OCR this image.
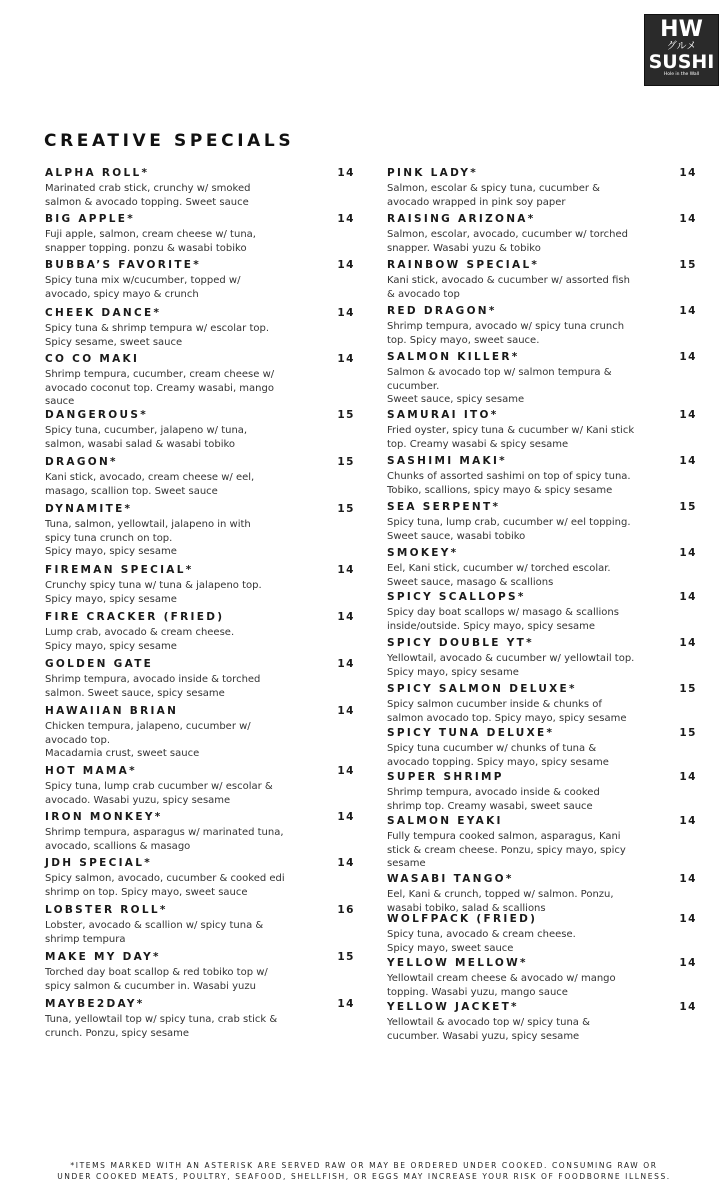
HW
グルメ
SUSHI
Hole in the Wall
CREATIVE SPECIALS
ALPHA ROLL*	14
Marinated crab stick, crunchy w/ smoked
salmon & avocado topping. Sweet sauce
BIG APPLE*	14
Fuji apple, salmon, cream cheese w/ tuna,
snapper topping. ponzu & wasabi tobiko
BUBBA’S FAVORITE*	14
Spicy tuna mix w/cucumber, topped w/
avocado, spicy mayo & crunch
CHEEK DANCE*	14
Spicy tuna & shrimp tempura w/ escolar top.
Spicy sesame, sweet sauce
CO CO MAKI	14
Shrimp tempura, cucumber, cream cheese w/
avocado coconut top. Creamy wasabi, mango
sauce
DANGEROUS*	15
Spicy tuna, cucumber, jalapeno w/ tuna,
salmon, wasabi salad & wasabi tobiko
DRAGON*	15
Kani stick, avocado, cream cheese w/ eel,
masago, scallion top. Sweet sauce
DYNAMITE*	15
Tuna, salmon, yellowtail, jalapeno in with
spicy tuna crunch on top.
Spicy mayo, spicy sesame
FIREMAN SPECIAL*	14
Crunchy spicy tuna w/ tuna & jalapeno top.
Spicy mayo, spicy sesame
FIRE CRACKER (FRIED)	14
Lump crab, avocado & cream cheese.
Spicy mayo, spicy sesame
GOLDEN GATE	14
Shrimp tempura, avocado inside & torched
salmon. Sweet sauce, spicy sesame
HAWAIIAN BRIAN	14
Chicken tempura, jalapeno, cucumber w/
avocado top.
Macadamia crust, sweet sauce
HOT MAMA*	14
Spicy tuna, lump crab cucumber w/ escolar &
avocado. Wasabi yuzu, spicy sesame
IRON MONKEY*	14
Shrimp tempura, asparagus w/ marinated tuna,
avocado, scallions & masago
JDH SPECIAL*	14
Spicy salmon, avocado, cucumber & cooked edi
shrimp on top. Spicy mayo, sweet sauce
LOBSTER ROLL*	16
Lobster, avocado & scallion w/ spicy tuna &
shrimp tempura
MAKE MY DAY*	15
Torched day boat scallop & red tobiko top w/
spicy salmon & cucumber in. Wasabi yuzu
MAYBE2DAY*	14
Tuna, yellowtail top w/ spicy tuna, crab stick &
crunch. Ponzu, spicy sesame
PINK LADY*	14
Salmon, escolar & spicy tuna, cucumber &
avocado wrapped in pink soy paper
RAISING ARIZONA*	14
Salmon, escolar, avocado, cucumber w/ torched
snapper. Wasabi yuzu & tobiko
RAINBOW SPECIAL*	15
Kani stick, avocado & cucumber w/ assorted fish
& avocado top
RED DRAGON*	14
Shrimp tempura, avocado w/ spicy tuna crunch
top. Spicy mayo, sweet sauce.
SALMON KILLER*	14
Salmon & avocado top w/ salmon tempura &
cucumber.
Sweet sauce, spicy sesame
SAMURAI ITO*	14
Fried oyster, spicy tuna & cucumber w/ Kani stick
top. Creamy wasabi & spicy sesame
SASHIMI MAKI*	14
Chunks of assorted sashimi on top of spicy tuna.
Tobiko, scallions, spicy mayo & spicy sesame
SEA SERPENT*	15
Spicy tuna, lump crab, cucumber w/ eel topping.
Sweet sauce, wasabi tobiko
SMOKEY*	14
Eel, Kani stick, cucumber w/ torched escolar.
Sweet sauce, masago & scallions
SPICY SCALLOPS*	14
Spicy day boat scallops w/ masago & scallions
inside/outside. Spicy mayo, spicy sesame
SPICY DOUBLE YT*	14
Yellowtail, avocado & cucumber w/ yellowtail top.
Spicy mayo, spicy sesame
SPICY SALMON DELUXE*	15
Spicy salmon cucumber inside & chunks of
salmon avocado top. Spicy mayo, spicy sesame
SPICY TUNA DELUXE*	15
Spicy tuna cucumber w/ chunks of tuna &
avocado topping. Spicy mayo, spicy sesame
SUPER SHRIMP	14
Shrimp tempura, avocado inside & cooked
shrimp top. Creamy wasabi, sweet sauce
SALMON EYAKI	14
Fully tempura cooked salmon, asparagus, Kani
stick & cream cheese. Ponzu, spicy mayo, spicy
sesame
WASABI TANGO*	14
Eel, Kani & crunch, topped w/ salmon. Ponzu,
wasabi tobiko, salad & scallions
WOLFPACK (FRIED)	14
Spicy tuna, avocado & cream cheese.
Spicy mayo, sweet sauce
YELLOW MELLOW*	14
Yellowtail cream cheese & avocado w/ mango
topping. Wasabi yuzu, mango sauce
YELLOW JACKET*	14
Yellowtail & avocado top w/ spicy tuna &
cucumber. Wasabi yuzu, spicy sesame
*ITEMS MARKED WITH AN ASTERISK ARE SERVED RAW OR MAY BE ORDERED UNDER COOKED. CONSUMING RAW OR
UNDER COOKED MEATS, POULTRY, SEAFOOD, SHELLFISH, OR EGGS MAY INCREASE YOUR RISK OF FOODBORNE ILLNESS.
